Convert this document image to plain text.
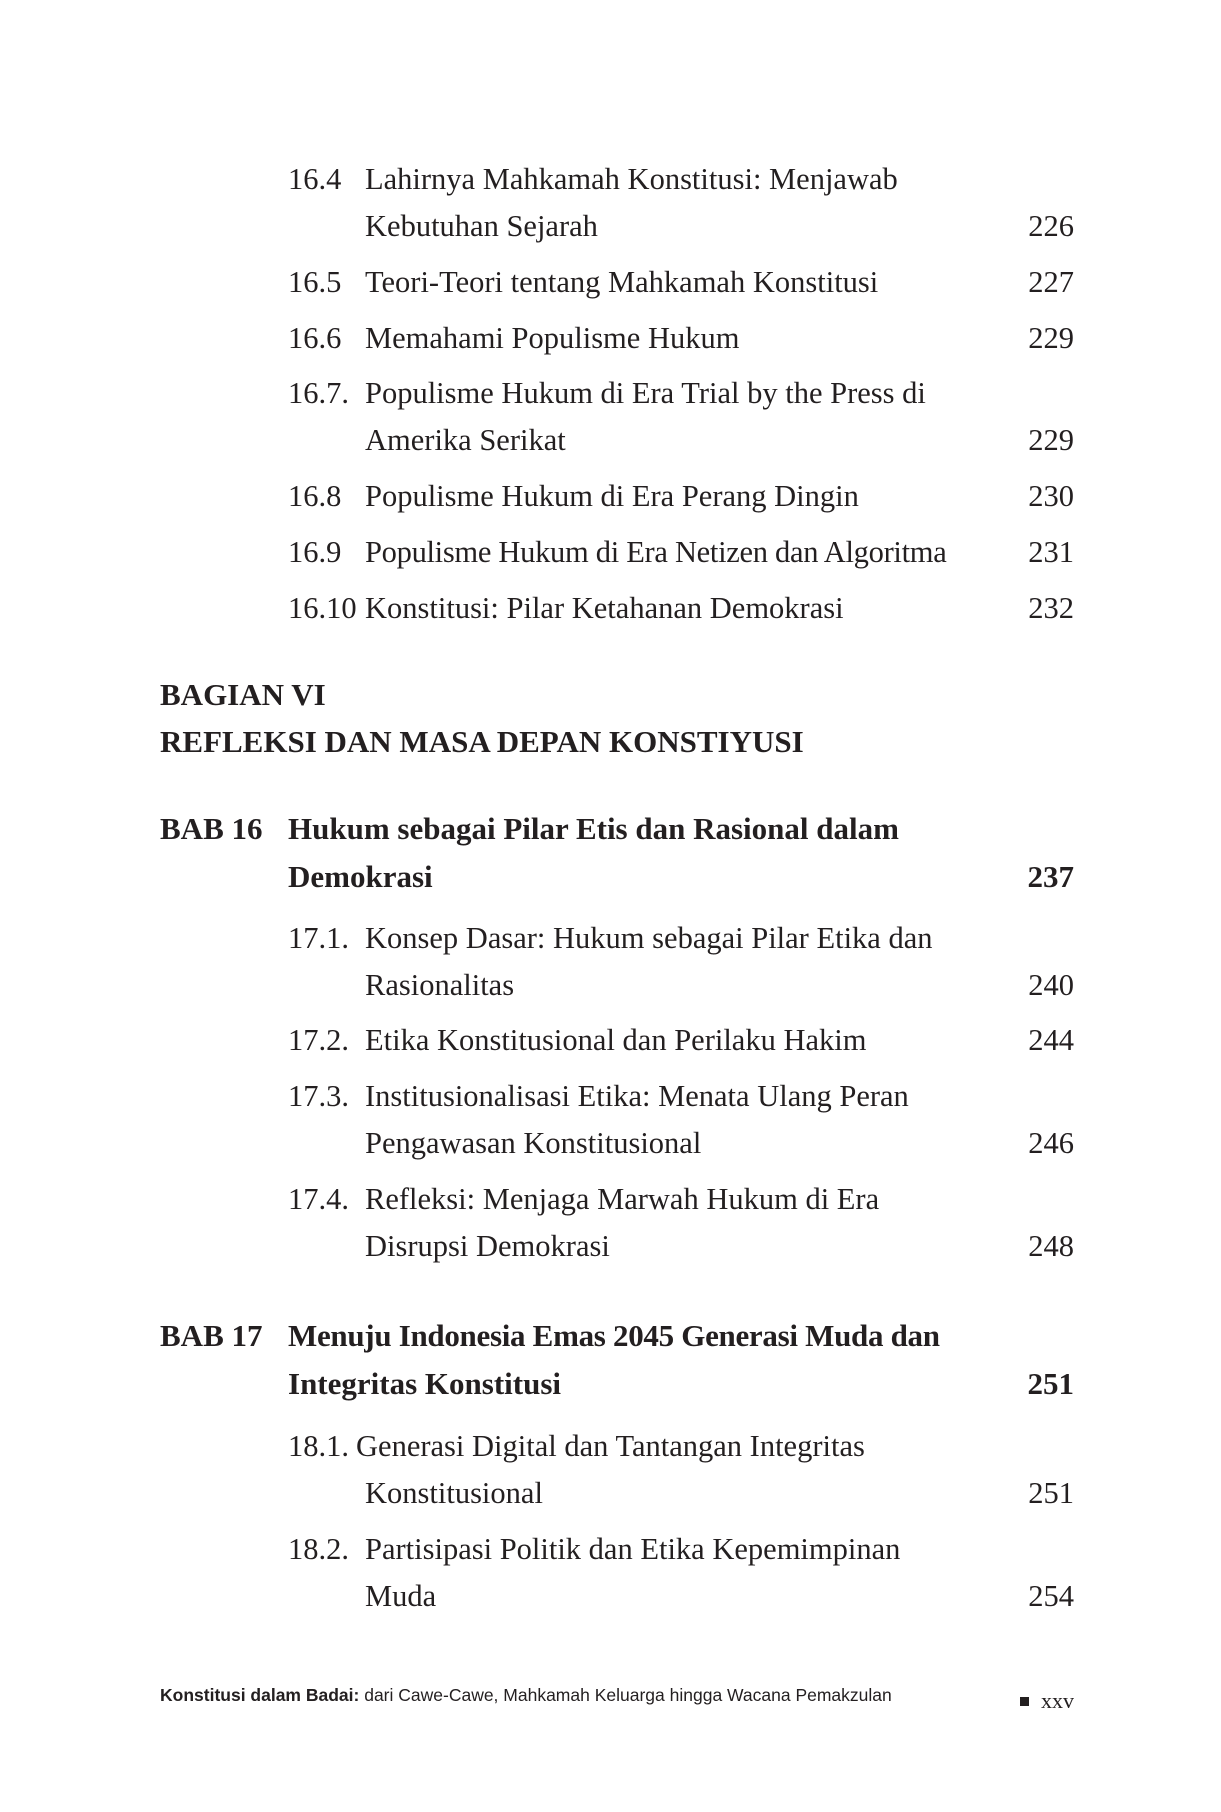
16.4 Lahirnya Mahkamah Konstitusi: Menjawab
Kebutuhan Sejarah	226
16.5 Teori-Teori tentang Mahkamah Konstitusi	227
16.6 Memahami Populisme Hukum	229
16.7. Populisme Hukum di Era Trial by the Press di
Amerika Serikat	229
16.8 Populisme Hukum di Era Perang Dingin	230
16.9 Populisme Hukum di Era Netizen dan Algoritma	231
16.10 Konstitusi: Pilar Ketahanan Demokrasi	232
BAGIAN VI
REFLEKSI DAN MASA DEPAN KONSTIYUSI
BAB 16 Hukum sebagai Pilar Etis dan Rasional dalam
Demokrasi	237
17.1. Konsep Dasar: Hukum sebagai Pilar Etika dan
Rasionalitas	240
17.2. Etika Konstitusional dan Perilaku Hakim	244
17.3. Institusionalisasi Etika: Menata Ulang Peran
Pengawasan Konstitusional	246
17.4. Refleksi: Menjaga Marwah Hukum di Era
Disrupsi Demokrasi	248
BAB 17 Menuju Indonesia Emas 2045 Generasi Muda dan
Integritas Konstitusi	251
18.1. Generasi Digital dan Tantangan Integritas
Konstitusional	251
18.2. Partisipasi Politik dan Etika Kepemimpinan
Muda	254
Konstitusi dalam Badai: dari Cawe-Cawe, Mahkamah Keluarga hingga Wacana Pemakzulan	xxv
